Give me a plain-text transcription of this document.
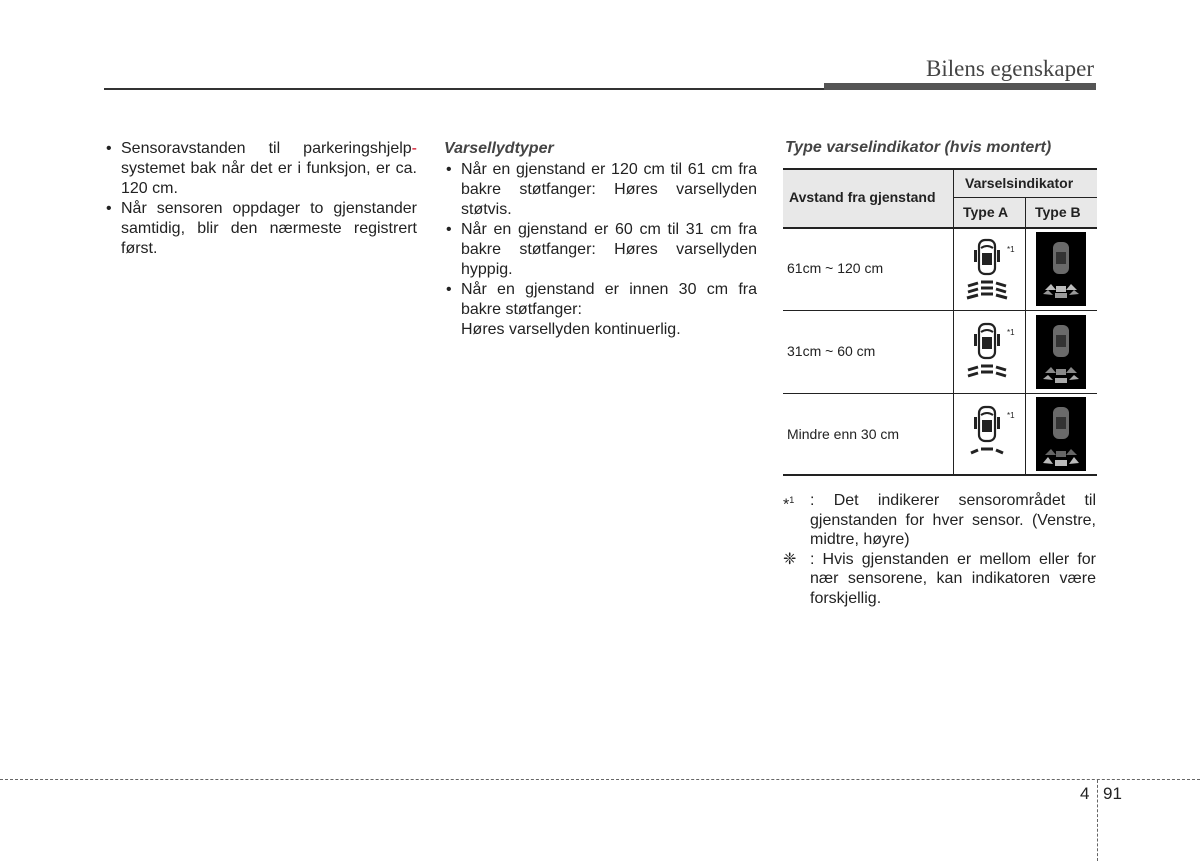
Bilens egenskaper
• Sensoravstanden til parkeringshjelp- systemet bak når det er i funksjon, er ca. 120 cm.
• Når sensoren oppdager to gjenstander samtidig, blir den nærmeste registrert først.
Varsellydtyper
• Når en gjenstand er 120 cm til 61 cm fra bakre støtfanger: Høres varsellyden støtvis.
• Når en gjenstand er 60 cm til 31 cm fra bakre støtfanger: Høres varsellyden hyppig.
• Når en gjenstand er innen 30 cm fra bakre støtfanger:
Høres varsellyden kontinuerlig.
Type varselindikator (hvis montert)
Avstand fra gjenstand
Varselsindikator
Type A Type B
61cm ~ 120 cm
*1
31cm ~ 60 cm
*1
Mindre enn 30 cm
*1
*$^1$ : Det indikerer sensorområdet til gjenstanden for hver sensor. (Venstre, midtre, høyre)
❈ : Hvis gjenstanden er mellom eller for nær sensorene, kan indikatoren være forskjellig.
4 91
